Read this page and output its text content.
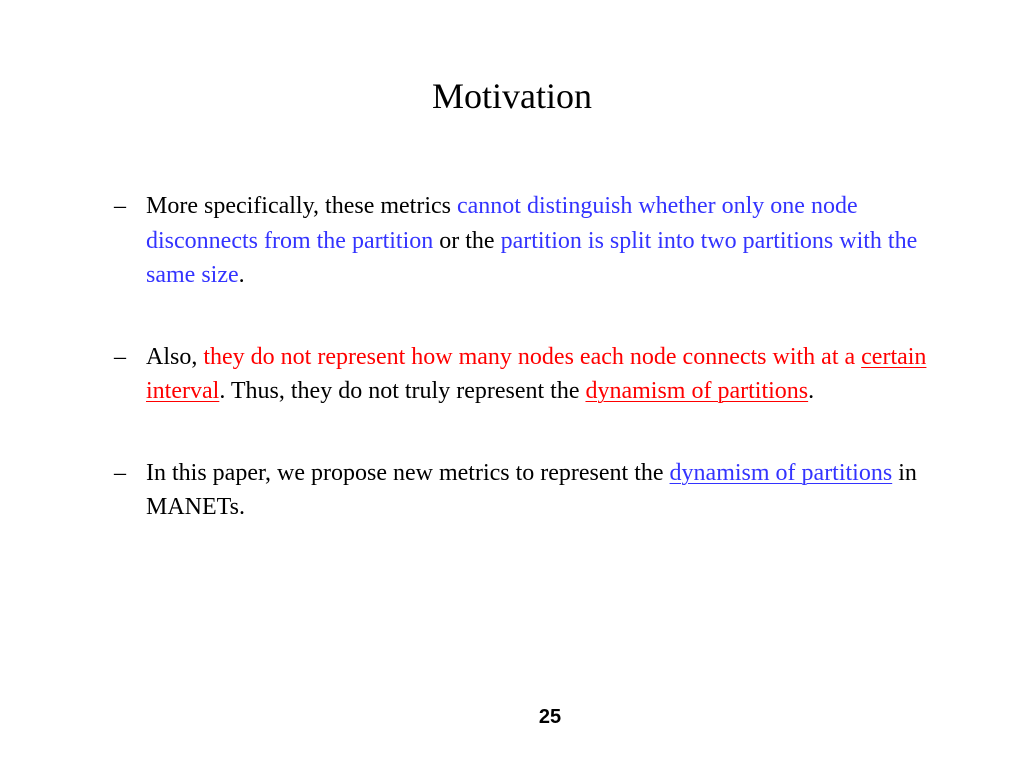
Motivation
– More specifically, these metrics cannot distinguish whether only one node disconnects from the partition or the partition is split into two partitions with the same size.
– Also, they do not represent how many nodes each node connects with at a certain interval. Thus, they do not truly represent the dynamism of partitions.
– In this paper, we propose new metrics to represent the dynamism of partitions in MANETs.
25
